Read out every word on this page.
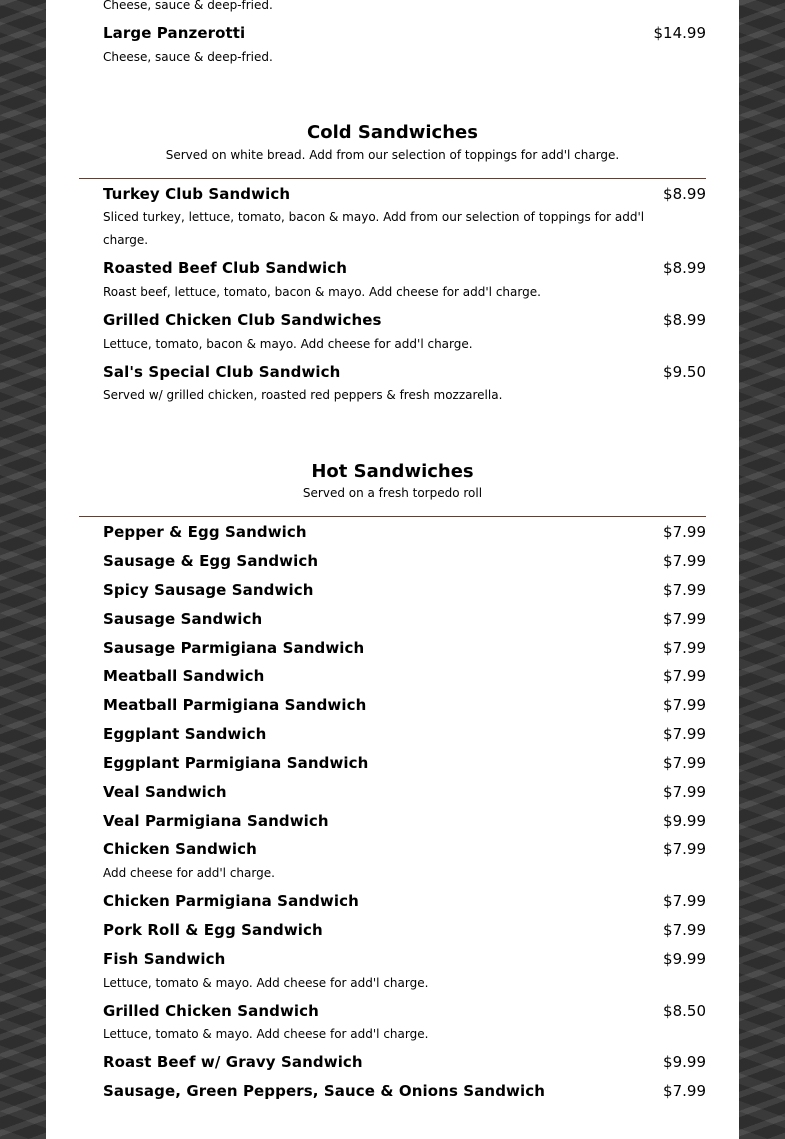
Cheese, sauce & deep-fried.

Large Panzerotti	$14.99

Cheese, sauce & deep-fried.

Cold Sandwiches

Served on white bread. Add from our selection of toppings for add'l charge.

Turkey Club Sandwich	$8.99

Sliced turkey, lettuce, tomato, bacon & mayo. Add from our selection of toppings for add'l

charge.

Roasted Beef Club Sandwich	$8.99

Roast beef, lettuce, tomato, bacon & mayo. Add cheese for add'l charge.

Grilled Chicken Club Sandwiches	$8.99

Lettuce, tomato, bacon & mayo. Add cheese for add'l charge.

Sal's Special Club Sandwich	$9.50

Served w/ grilled chicken, roasted red peppers & fresh mozzarella.

Hot Sandwiches

Served on a fresh torpedo roll

Pepper & Egg Sandwich	$7.99

Sausage & Egg Sandwich	$7.99

Spicy Sausage Sandwich	$7.99

Sausage Sandwich	$7.99

Sausage Parmigiana Sandwich	$7.99

Meatball Sandwich	$7.99

Meatball Parmigiana Sandwich	$7.99

Eggplant Sandwich	$7.99

Eggplant Parmigiana Sandwich	$7.99

Veal Sandwich	$7.99

Veal Parmigiana Sandwich	$9.99

Chicken Sandwich	$7.99

Add cheese for add'l charge.

Chicken Parmigiana Sandwich	$7.99

Pork Roll & Egg Sandwich	$7.99

Fish Sandwich	$9.99

Lettuce, tomato & mayo. Add cheese for add'l charge.

Grilled Chicken Sandwich	$8.50

Lettuce, tomato & mayo. Add cheese for add'l charge.

Roast Beef w/ Gravy Sandwich	$9.99

Sausage, Green Peppers, Sauce & Onions Sandwich	$7.99
